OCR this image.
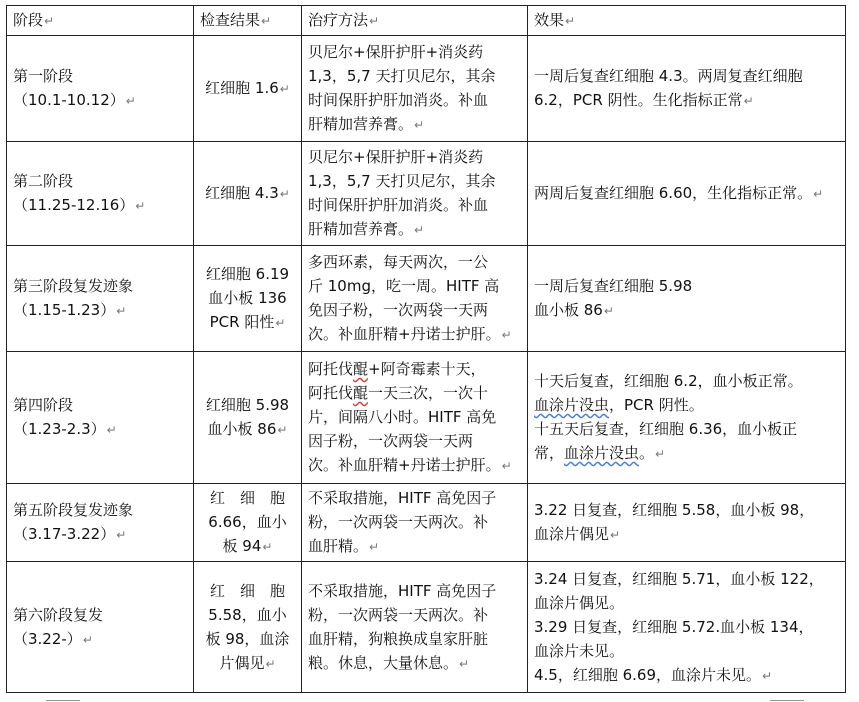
阶段↵	检查结果↵	治疗方法↵	效果↵
第一阶段
（10.1-10.12）↵	红细胞 1.6↵	贝尼尔+保肝护肝+消炎药
1,3，5,7 天打贝尼尔，其余
时间保肝护肝加消炎。补血
肝精加营养膏。↵	一周后复查红细胞 4.3。两周复查红细胞
6.2，PCR 阴性。生化指标正常↵
第二阶段
（11.25-12.16）↵	红细胞 4.3↵	贝尼尔+保肝护肝+消炎药
1,3，5,7 天打贝尼尔，其余
时间保肝护肝加消炎。补血
肝精加营养膏。↵	两周后复查红细胞 6.60，生化指标正常。↵
第三阶段复发迹象
（1.15-1.23）↵	红细胞 6.19
血小板 136
PCR 阳性↵	多西环素，每天两次，一公
斤 10mg，吃一周。HITF 高
免因子粉，一次两袋一天两
次。补血肝精+丹诺士护肝。↵	一周后复查红细胞 5.98
血小板 86↵
第四阶段
（1.23-2.3）↵	红细胞 5.98
血小板 86↵	阿托伐醌+阿奇霉素十天，
阿托伐醌一天三次，一次十
片，间隔八小时。HITF 高免
因子粉，一次两袋一天两
次。补血肝精+丹诺士护肝。↵	十天后复查，红细胞 6.2，血小板正常。
血涂片没虫，PCR 阴性。
十五天后复查，红细胞 6.36，血小板正
常，血涂片没虫。↵
第五阶段复发迹象
（3.17-3.22）↵	红　细　胞
6.66，血小
板 94↵	不采取措施，HITF 高免因子
粉，一次两袋一天两次。补
血肝精。↵	3.22 日复查，红细胞 5.58，血小板 98，
血涂片偶见↵
第六阶段复发
（3.22-）↵	红　细　胞
5.58，血小
板 98，血涂
片偶见↵	不采取措施，HITF 高免因子
粉，一次两袋一天两次。补
血肝精，狗粮换成皇家肝脏
粮。休息，大量休息。↵	3.24 日复查，红细胞 5.71，血小板 122，
血涂片偶见。
3.29 日复查，红细胞 5.72.血小板 134，
血涂片未见。
4.5，红细胞 6.69，血涂片未见。↵
